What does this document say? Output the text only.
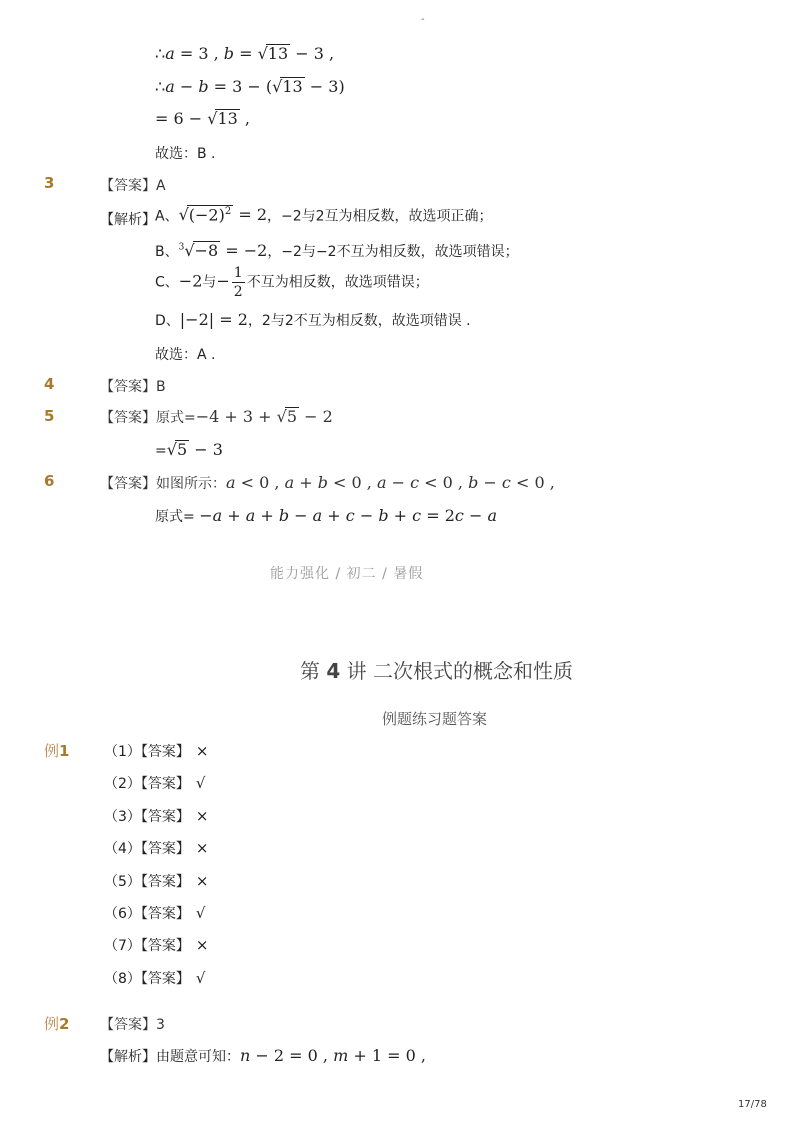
-
∴a = 3 , b = √13 − 3 ,
∴a − b = 3 − (√13 − 3)
= 6 − √13 ,
故选：B .
3	【答案】A
【解析】 A、$√(-2)^2 = 2$，−2与2互为相反数，故选项正确；
B、$^3$√−8 = −2，−2与−2不互为相反数，故选项错误；
C、−2与− $\frac{1}{2}$ 不互为相反数，故选项错误；
D、|−2| = 2，2与2不互为相反数，故选项错误 .
故选：A .
4	【答案】B
5	【答案】原式=−4 + 3 + √5 − 2
=√5 − 3
6	【答案】如图所示：a < 0 , a + b < 0 , a − c < 0 , b − c < 0 ,
原式= −a + a + b − a + c − b + c = 2c − a
能力强化 / 初二 / 暑假
第 4 讲 二次根式的概念和性质
例题练习题答案
例1 （1）【答案】 ×
（2）【答案】 √
（3）【答案】 ×
（4）【答案】 ×
（5）【答案】 ×
（6）【答案】 √
（7）【答案】 ×
（8）【答案】 √
例2 【答案】3
【解析】由题意可知：n − 2 = 0 , m + 1 = 0 ,
17/78
